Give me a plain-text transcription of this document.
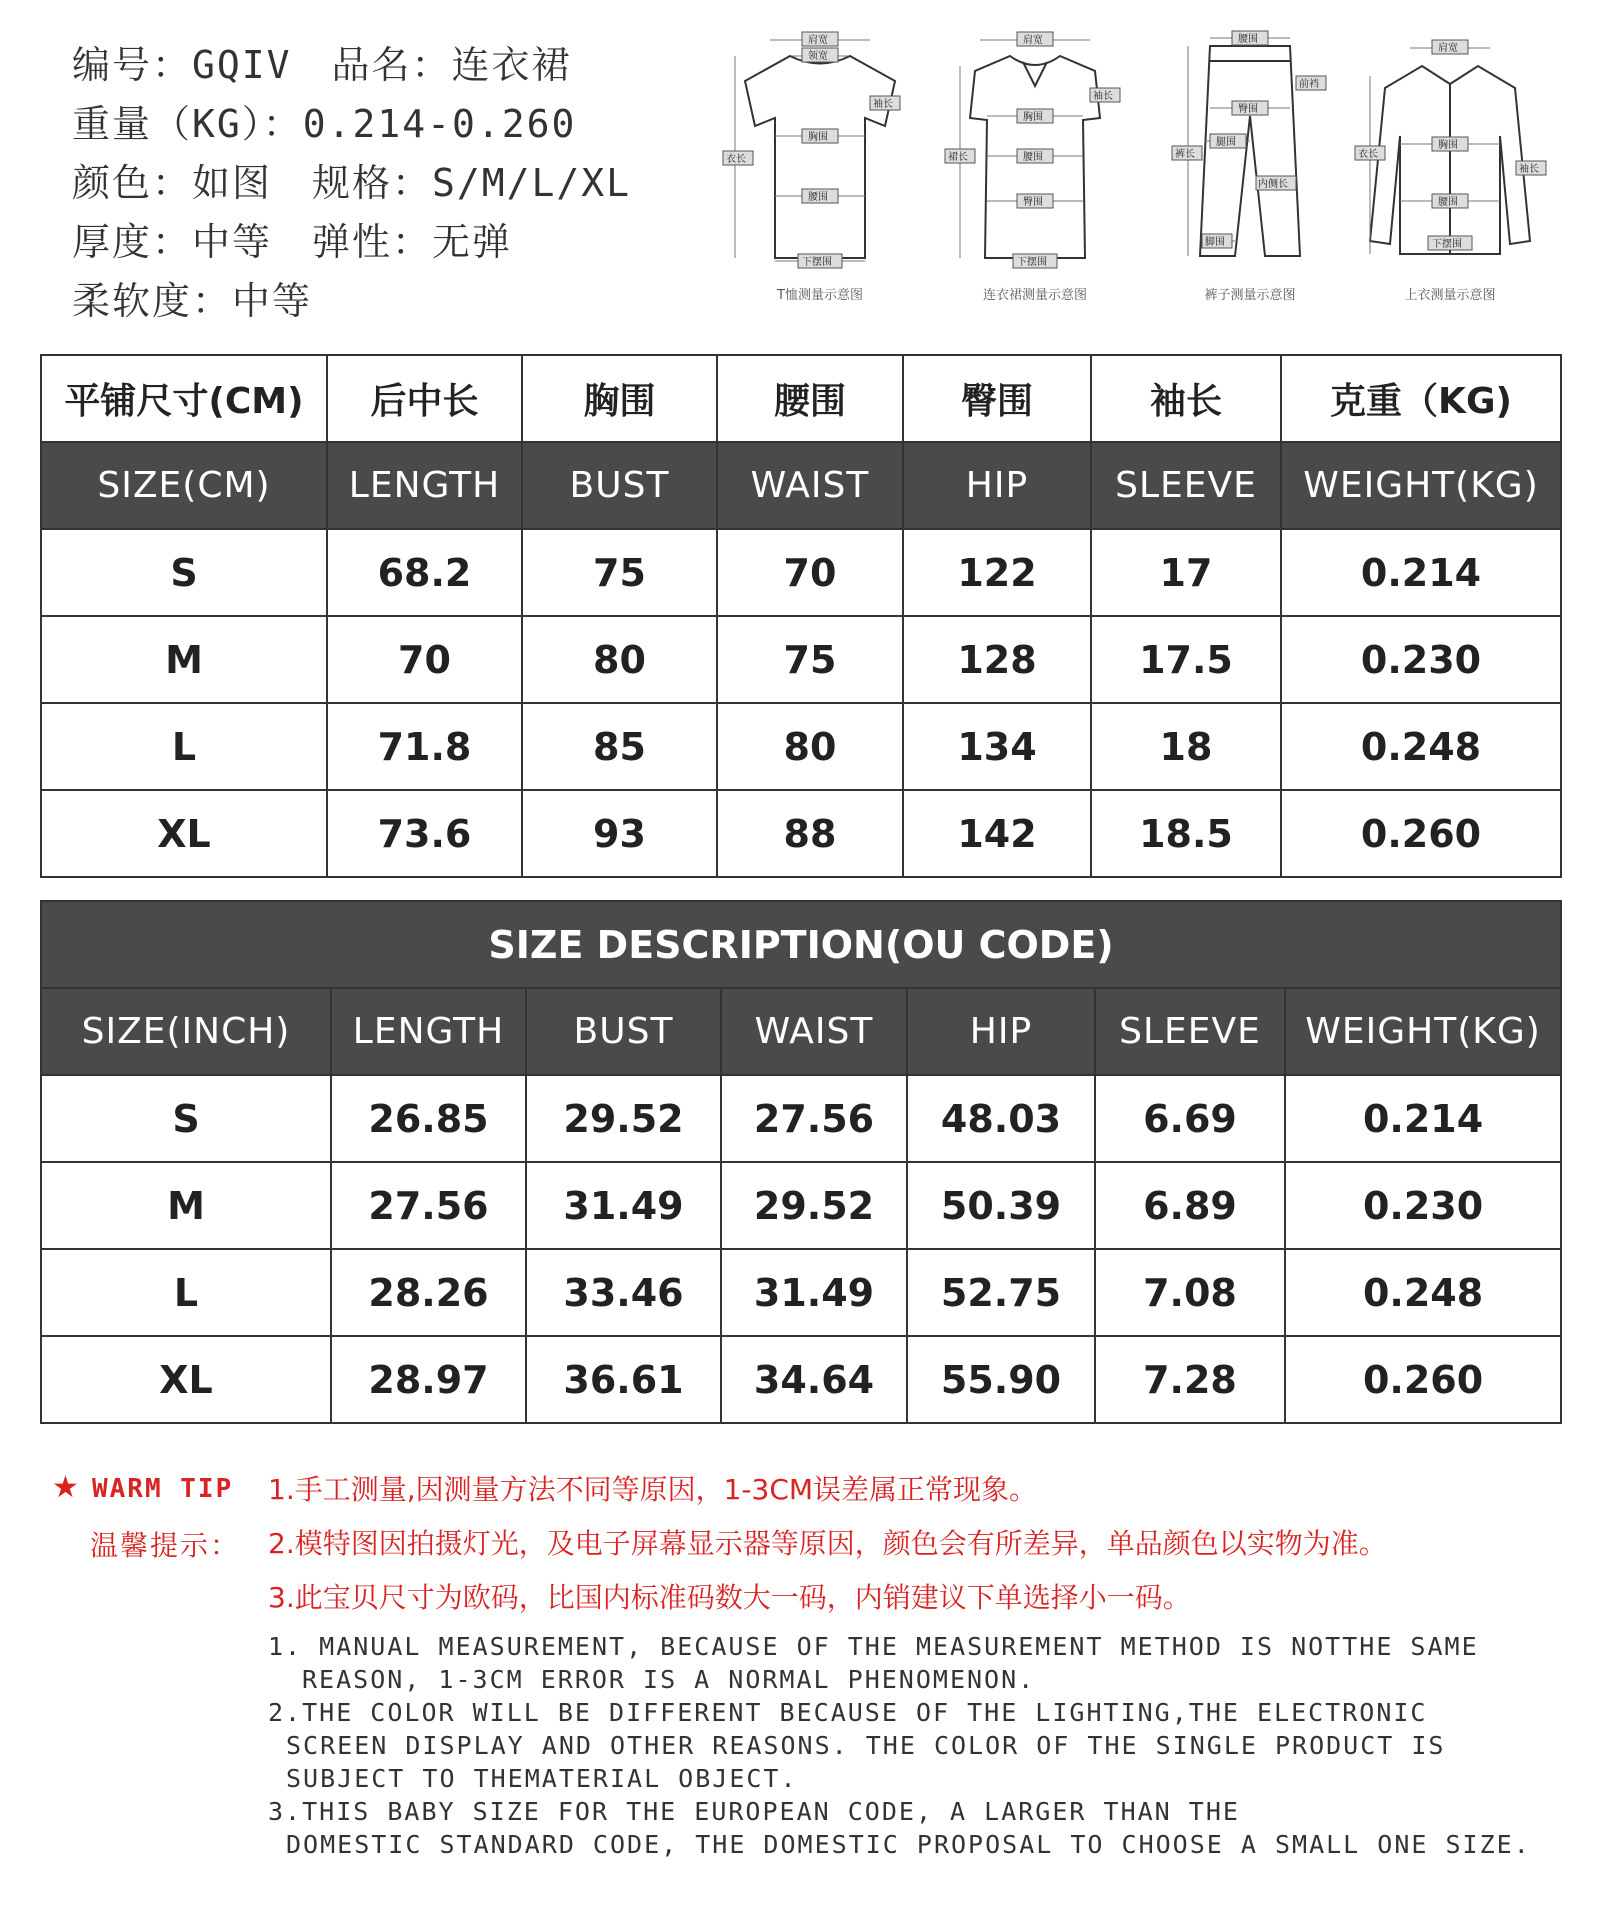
编号：GQIV 品名：连衣裙
重量（KG）：0.214-0.260
颜色：如图 规格：S/M/L/XL
厚度：中等 弹性：无弹
柔软度：中等
肩宽
领宽
袖长
胸围
衣长
腰围
下摆围
T恤测量示意图
肩宽
袖长
胸围
腰围
裙长
臀围
下摆围
连衣裙测量示意图
腰围
前裆
臀围
腿围
裤长
内侧长
脚围
裤子测量示意图
肩宽
衣长
胸围
袖长
腰围
下摆围
上衣测量示意图
平铺尺寸(CM)	后中长	胸围	腰围	臀围	袖长	克重（KG)
SIZE(CM)	LENGTH	BUST	WAIST	HIP	SLEEVE	WEIGHT(KG)
S	68.2	75	70	122	17	0.214
M	70	80	75	128	17.5	0.230
L	71.8	85	80	134	18	0.248
XL	73.6	93	88	142	18.5	0.260
SIZE DESCRIPTION(OU CODE)						
SIZE(INCH)	LENGTH	BUST	WAIST	HIP	SLEEVE	WEIGHT(KG)
S	26.85	29.52	27.56	48.03	6.69	0.214
M	27.56	31.49	29.52	50.39	6.89	0.230
L	28.26	33.46	31.49	52.75	7.08	0.248
XL	28.97	36.61	34.64	55.90	7.28	0.260
★ WARM TIP
温馨提示：
1.手工测量,因测量方法不同等原因，1-3CM误差属正常现象。
2.模特图因拍摄灯光，及电子屏幕显示器等原因，颜色会有所差异，单品颜色以实物为准。
3.此宝贝尺寸为欧码，比国内标准码数大一码，内销建议下单选择小一码。
1. MANUAL MEASUREMENT, BECAUSE OF THE MEASUREMENT METHOD IS NOTTHE SAME
REASON, 1-3CM ERROR IS A NORMAL PHENOMENON.
2.THE COLOR WILL BE DIFFERENT BECAUSE OF THE LIGHTING,THE ELECTRONIC
SCREEN DISPLAY AND OTHER REASONS. THE COLOR OF THE SINGLE PRODUCT IS
SUBJECT TO THEMATERIAL OBJECT.
3.THIS BABY SIZE FOR THE EUROPEAN CODE, A LARGER THAN THE
DOMESTIC STANDARD CODE, THE DOMESTIC PROPOSAL TO CHOOSE A SMALL ONE SIZE.
